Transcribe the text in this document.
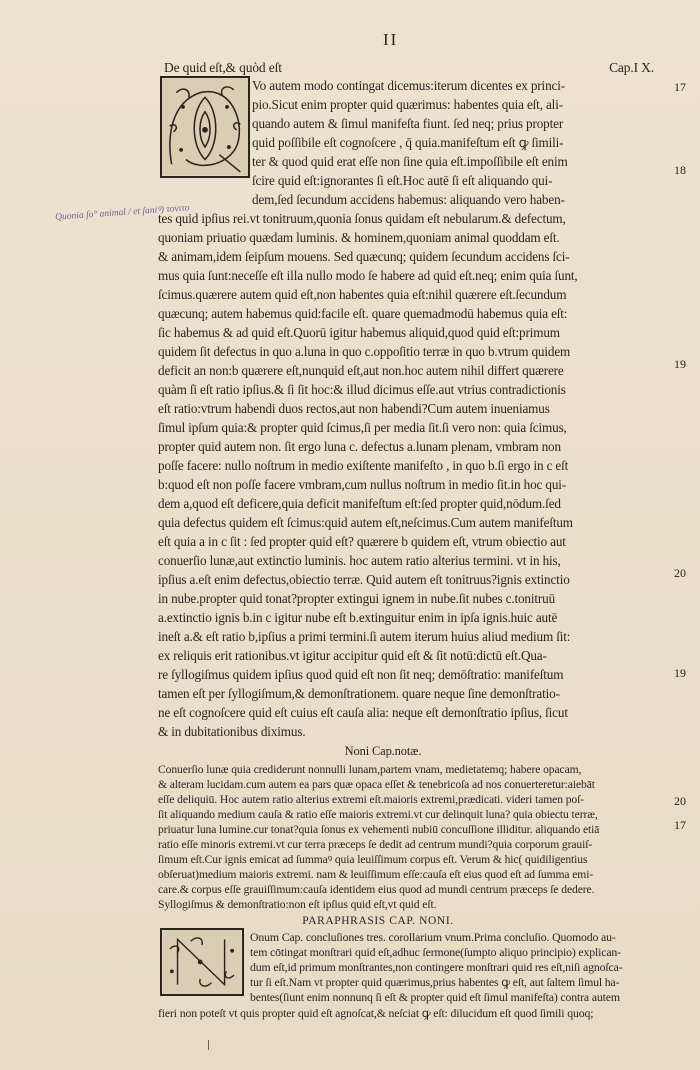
II
De quid eſt,& quòd eſt	Cap.I X.
17
Vo autem modo contingat dicemus:iterum dicentes ex princi-
pio.Sicut enim propter quid quærimus: habentes quia eſt, ali-
quando autem & ſimul manifeſta fiunt. ſed neq; prius propter
quid poſſibile eſt cognoſcere , q̄ quia.manifeſtum eſt ꝙ ſimili-
ter & quod quid erat eſſe non ſine quia eſt.impoſſibile eſt enim
ſcire quid eſt:ignorantes ſi eſt.Hoc autē ſi eſt aliquando qui-
dem,ſed ſecundum accidens habemus: aliquando vero haben-
tes quid ipſius rei.vt tonitruum,quonia ſonus quidam eſt nebularum.& defectum,
quoniam priuatio quædam luminis. & hominem,quoniam animal quoddam eſt.
& animam,idem ſeipſum mouens. Sed quæcunq; quidem ſecundum accidens ſci-
mus quia ſunt:neceſſe eſt illa nullo modo ſe habere ad quid eſt.neq; enim quia ſunt,
ſcimus.quærere autem quid eſt,non habentes quia eſt:nihil quærere eſt.ſecundum
quæcunq; autem habemus quid:facile eſt. quare quemadmodū habemus quia eſt:
ſic habemus & ad quid eſt.Quorū igitur habemus aliquid,quod quid eſt:primum
quidem ſit defectus in quo a.luna in quo c.oppoſitio terræ in quo b.vtrum quidem
deficit an non:b quærere eſt,nunquid eſt,aut non.hoc autem nihil differt quærere
quàm ſi eſt ratio ipſius.& ſi ſit hoc:& illud dicimus eſſe.aut vtrius contradictionis
eſt ratio:vtrum habendi duos rectos,aut non habendi?Cum autem inueniamus
ſimul ipſum quia:& propter quid ſcimus,ſi per media ſit.ſi vero non: quia ſcimus,
propter quid autem non. ſit ergo luna c. defectus a.lunam plenam, vmbram non
poſſe facere: nullo noſtrum in medio exiſtente manifeſto , in quo b.ſi ergo in c eſt
b:quod eſt non poſſe facere vmbram,cum nullus noſtrum in medio ſit.in hoc qui-
dem a,quod eſt deficere,quia deficit manifeſtum eſt:ſed propter quid,nōdum.ſed
quia defectus quidem eſt ſcimus:quid autem eſt,neſcimus.Cum autem manifeſtum
eſt quia a in c ſit : ſed propter quid eſt? quærere b quidem eſt, vtrum obiectio aut
conuerſio lunæ,aut extinctio luminis. hoc autem ratio alterius termini. vt in his,
ipſius a.eſt enim defectus,obiectio terræ. Quid autem eſt tonitruus?ignis extinctio
in nube.propter quid tonat?propter extingui ignem in nube.ſit nubes c.tonitruū
a.extinctio ignis b.in c igitur nube eſt b.extinguitur enim in ipſa ignis.huic autē
ineſt a.& eſt ratio b,ipſius a primi termini.ſi autem iterum huius aliud medium ſit:
ex reliquis erit rationibus.vt igitur accipitur quid eſt & ſit notū:dictū eſt.Qua-
re ſyllogiſmus quidem ipſius quod quid eſt non ſit neq; demōſtratio: manifeſtum
tamen eſt per ſyllogiſmum,& demonſtrationem. quare neque ſine demonſtratio-
ne eſt cognoſcere quid eſt cuius eſt cauſa alia: neque eſt demonſtratio ipſius, ſicut
& in dubitationibus diximus.
18
19
20
19
20
17
Quonia ſo° animal / et ſaniꝰ) τονιτο
Noni Cap.notæ.
Conuerſio lunæ quia crediderunt nonnulli lunam,partem vnam, medietatemq; habere opacam,
& alteram lucidam.cum autem ea pars quæ opaca eſſet & tenebricoſa ad nos conuerteretur:aiebāt
eſſe deliquiū. Hoc autem ratio alterius extremi eſt.maioris extremi,prædicati. videri tamen poſ-
ſit aliquando medium cauſa & ratio eſſe maioris extremi.vt cur delinquit luna? quia obiectu terræ,
priuatur luna lumine.cur tonat?quia ſonus ex vehementi nubiū concuſſione illiditur. aliquando etiā
ratio eſſe minoris extremi.vt cur terra præceps ſe dedit ad centrum mundi?quia corporum grauiſ-
ſimum eſt.Cur ignis emicat ad ſummaꝰ quia leuiſſimum corpus eſt. Verum & hic( quidiligentius
obſeruat)medium maioris extremi. nam & leuiſſimum eſſe:cauſa eſt eius quod eſt ad ſumma emi-
care.& corpus eſſe grauiſſimum:cauſa identidem eius quod ad mundi centrum præceps ſe dedere.
Syllogiſmus & demonſtratio:non eſt ipſius quid eſt,vt quid eſt.
PARAPHRASIS CAP. NONI.
Onum Cap. concluſiones tres. corollarium vnum.Prima concluſio. Quomodo au-
tem cōtingat monſtrari quid eſt,adhuc ſermone(ſumpto aliquo principio) explican-
dum eſt,id primum monſtrantes,non contingere monſtrari quid res eſt,niſi agnoſca-
tur ſi eſt.Nam vt propter quid quærimus,prius habentes ꝙ eſt, aut ſaltem ſimul ha-
bentes(ſiunt enim nonnunq ſi eſt & propter quid eſt ſimul manifeſta) contra autem
fieri non poteſt vt quis propter quid eſt agnoſcat,& neſciat ꝙ eſt: dilucidum eſt quod ſimili quoq;
